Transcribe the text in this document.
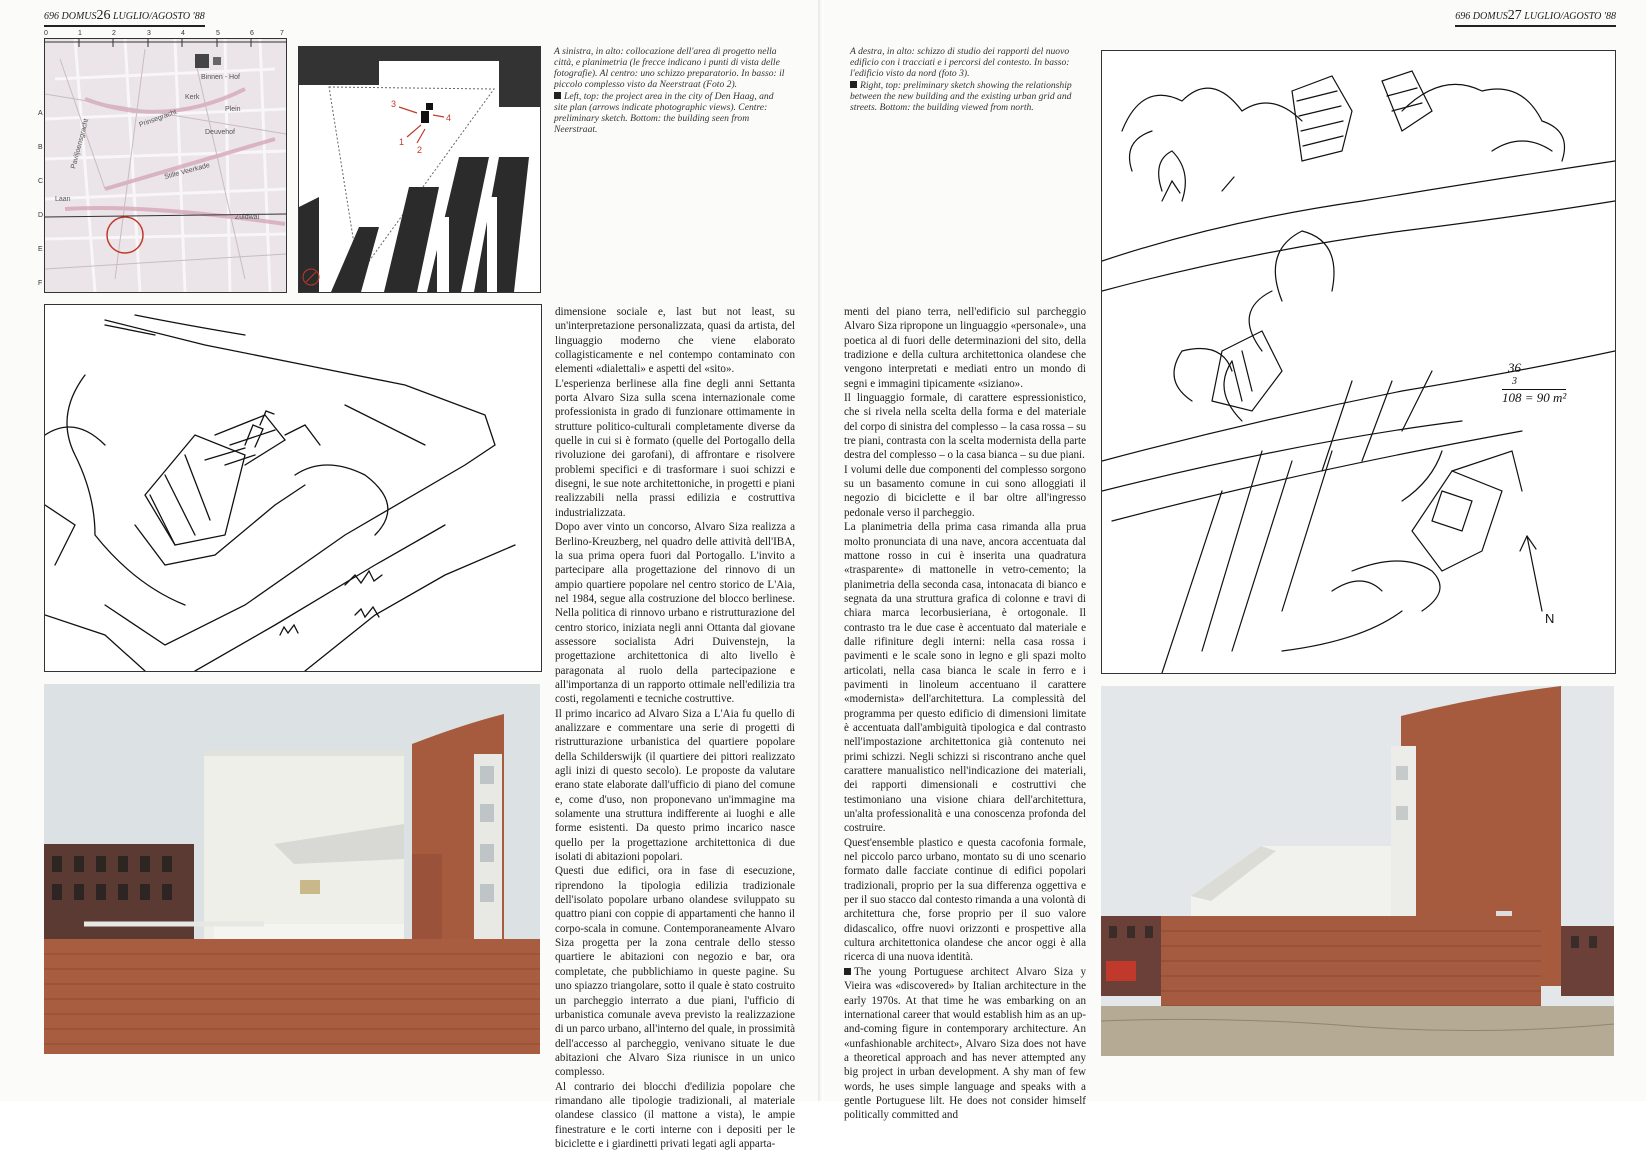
696 DOMUS26 LUGLIO/AGOSTO '88
Binnen - Hof
Kerk
Prinsegracht
Deuvehof
Paviljoensgracht
Plein
Stille Veerkade
Zuidwal
Laan
0	1	2	3	4	5	6	7
A
B
C
D
E
F
3
1
4
2

A sinistra, in alto: collocazione dell'area di progetto nella città, e planimetria (le frecce indicano i punti di vista delle fotografie). Al centro: uno schizzo preparatorio. In basso: il piccolo complesso visto da Neerstraat (Foto 2).

Left, top: the project area in the city of Den Haag, and site plan (arrows indicate photographic views). Centre: preliminary sketch. Bottom: the building seen from Neerstraat.

dimensione sociale e, last but not least, su un'interpretazione personalizzata, quasi da artista, del linguaggio moderno che viene elaborato collagisticamente e nel contempo contaminato con elementi «dialettali» e aspetti del «sito».

L'esperienza berlinese alla fine degli anni Settanta porta Alvaro Siza sulla scena internazionale come professionista in grado di funzionare ottimamente in strutture politico-culturali completamente diverse da quelle in cui si è formato (quelle del Portogallo della rivoluzione dei garofani), di affrontare e risolvere problemi specifici e di trasformare i suoi schizzi e disegni, le sue note architettoniche, in progetti e piani realizzabili nella prassi edilizia e costruttiva industrializzata.

Dopo aver vinto un concorso, Alvaro Siza realizza a Berlino-Kreuzberg, nel quadro delle attività dell'IBA, la sua prima opera fuori dal Portogallo. L'invito a partecipare alla progettazione del rinnovo di un ampio quartiere popolare nel centro storico de L'Aia, nel 1984, segue alla costruzione del blocco berlinese. Nella politica di rinnovo urbano e ristrutturazione del centro storico, iniziata negli anni Ottanta dal giovane assessore socialista Adri Duivenstejn, la progettazione architettonica di alto livello è paragonata al ruolo della partecipazione e all'importanza di un rapporto ottimale nell'edilizia tra costi, regolamenti e tecniche costruttive.

Il primo incarico ad Alvaro Siza a L'Aia fu quello di analizzare e commentare una serie di progetti di ristrutturazione urbanistica del quartiere popolare della Schilderswijk (il quartiere dei pittori realizzato agli inizi di questo secolo). Le proposte da valutare erano state elaborate dall'ufficio di piano del comune e, come d'uso, non proponevano un'immagine ma solamente una struttura indifferente ai luoghi e alle forme esistenti. Da questo primo incarico nasce quello per la progettazione architettonica di due isolati di abitazioni popolari.

Questi due edifici, ora in fase di esecuzione, riprendono la tipologia edilizia tradizionale dell'isolato popolare urbano olandese sviluppato su quattro piani con coppie di appartamenti che hanno il corpo-scala in comune. Contemporaneamente Alvaro Siza progetta per la zona centrale dello stesso quartiere le abitazioni con negozio e bar, ora completate, che pubblichiamo in queste pagine. Su uno spiazzo triangolare, sotto il quale è stato costruito un parcheggio interrato a due piani, l'ufficio di urbanistica comunale aveva previsto la realizzazione di un parco urbano, all'interno del quale, in prossimità dell'accesso al parcheggio, venivano situate le due abitazioni che Alvaro Siza riunisce in un unico complesso.

Al contrario dei blocchi d'edilizia popolare che rimandano alle tipologie tradizionali, al materiale olandese classico (il mattone a vista), le ampie finestrature e le corti interne con i depositi per le biciclette e i giardinetti privati legati agli apparta-

696 DOMUS27 LUGLIO/AGOSTO '88

A destra, in alto: schizzo di studio dei rapporti del nuovo edificio con i tracciati e i percorsi del contesto. In basso: l'edificio visto da nord (foto 3).

Right, top: preliminary sketch showing the relationship between the new building and the existing urban grid and streets. Bottom: the building viewed from north.

36
3
108 = 90 m²
N

menti del piano terra, nell'edificio sul parcheggio Alvaro Siza ripropone un linguaggio «personale», una poetica al di fuori delle determinazioni del sito, della tradizione e della cultura architettonica olandese che vengono interpretati e mediati entro un mondo di segni e immagini tipicamente «siziano».

Il linguaggio formale, di carattere espressionistico, che si rivela nella scelta della forma e del materiale del corpo di sinistra del complesso – la casa rossa – su tre piani, contrasta con la scelta modernista della parte destra del complesso – o la casa bianca – su due piani.

I volumi delle due componenti del complesso sorgono su un basamento comune in cui sono alloggiati il negozio di biciclette e il bar oltre all'ingresso pedonale verso il parcheggio.

La planimetria della prima casa rimanda alla prua molto pronunciata di una nave, ancora accentuata dal mattone rosso in cui è inserita una quadratura «trasparente» di mattonelle in vetro-cemento; la planimetria della seconda casa, intonacata di bianco e segnata da una struttura grafica di colonne e travi di chiara marca lecorbusieriana, è ortogonale. Il contrasto tra le due case è accentuato dal materiale e dalle rifiniture degli interni: nella casa rossa i pavimenti e le scale sono in legno e gli spazi molto articolati, nella casa bianca le scale in ferro e i pavimenti in linoleum accentuano il carattere «modernista» dell'architettura. La complessità del programma per questo edificio di dimensioni limitate è accentuata dall'ambiguità tipologica e dal contrasto nell'impostazione architettonica già contenuto nei primi schizzi. Negli schizzi si riscontrano anche quel carattere manualistico nell'indicazione dei materiali, dei rapporti dimensionali e costruttivi che testimoniano una visione chiara dell'architettura, un'alta professionalità e una conoscenza profonda del costruire.

Quest'ensemble plastico e questa cacofonia formale, nel piccolo parco urbano, montato su di uno scenario formato dalle facciate continue di edifici popolari tradizionali, proprio per la sua differenza oggettiva e per il suo stacco dal contesto rimanda a una volontà di architettura che, forse proprio per il suo valore didascalico, offre nuovi orizzonti e prospettive alla cultura architettonica olandese che ancor oggi è alla ricerca di una nuova identità.

The young Portuguese architect Alvaro Siza y Vieira was «discovered» by Italian architecture in the early 1970s. At that time he was embarking on an international career that would establish him as an up-and-coming figure in contemporary architecture. An «unfashionable architect», Alvaro Siza does not have a theoretical approach and has never attempted any big project in urban development. A shy man of few words, he uses simple language and speaks with a gentle Portuguese lilt. He does not consider himself politically committed and
